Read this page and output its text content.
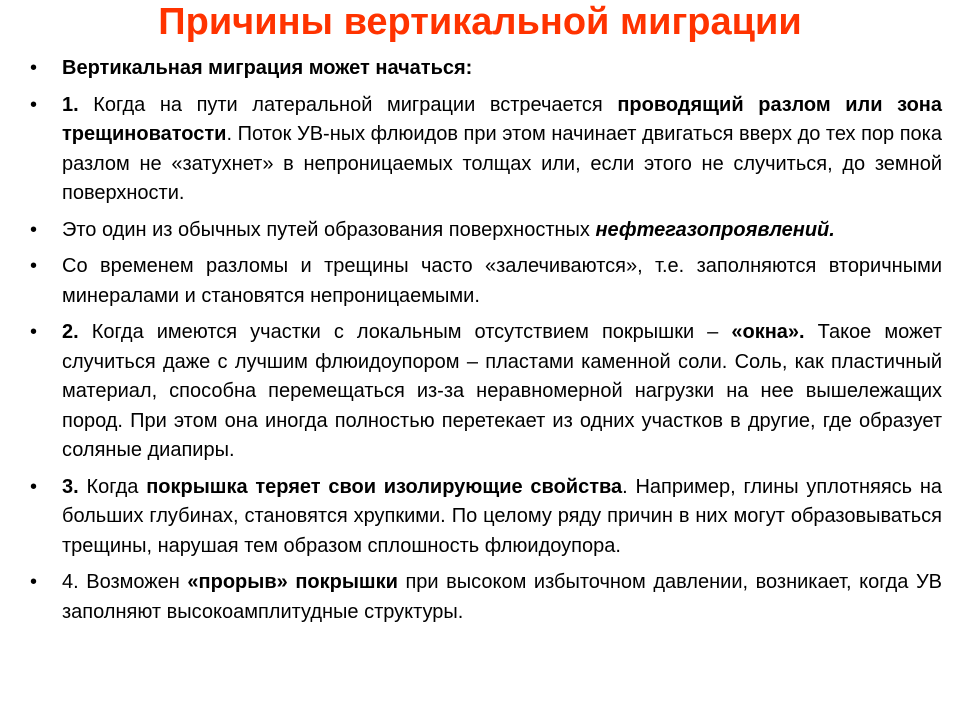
Причины вертикальной миграции
• Вертикальная миграция может начаться:
• 1. Когда на пути латеральной миграции встречается проводящий разлом или зона трещиноватости. Поток УВ-ных флюидов при этом начинает двигаться вверх до тех пор пока разлом не «затухнет» в непроницаемых толщах или, если этого не случиться, до земной поверхности.
• Это один из обычных путей образования поверхностных нефтегазопроявлений.
• Со временем разломы и трещины часто «залечиваются», т.е. заполняются вторичными минералами и становятся непроницаемыми.
• 2. Когда имеются участки с локальным отсутствием покрышки – «окна». Такое может случиться даже с лучшим флюидоупором – пластами каменной соли. Соль, как пластичный материал, способна перемещаться из-за неравномерной нагрузки на нее вышележащих пород. При этом она иногда полностью перетекает из одних участков в другие, где образует соляные диапиры.
• 3. Когда покрышка теряет свои изолирующие свойства. Например, глины уплотняясь на больших глубинах, становятся хрупкими. По целому ряду причин в них могут образовываться трещины, нарушая тем образом сплошность флюидоупора.
• 4. Возможен «прорыв» покрышки при высоком избыточном давлении, возникает, когда УВ заполняют высокоамплитудные структуры.
